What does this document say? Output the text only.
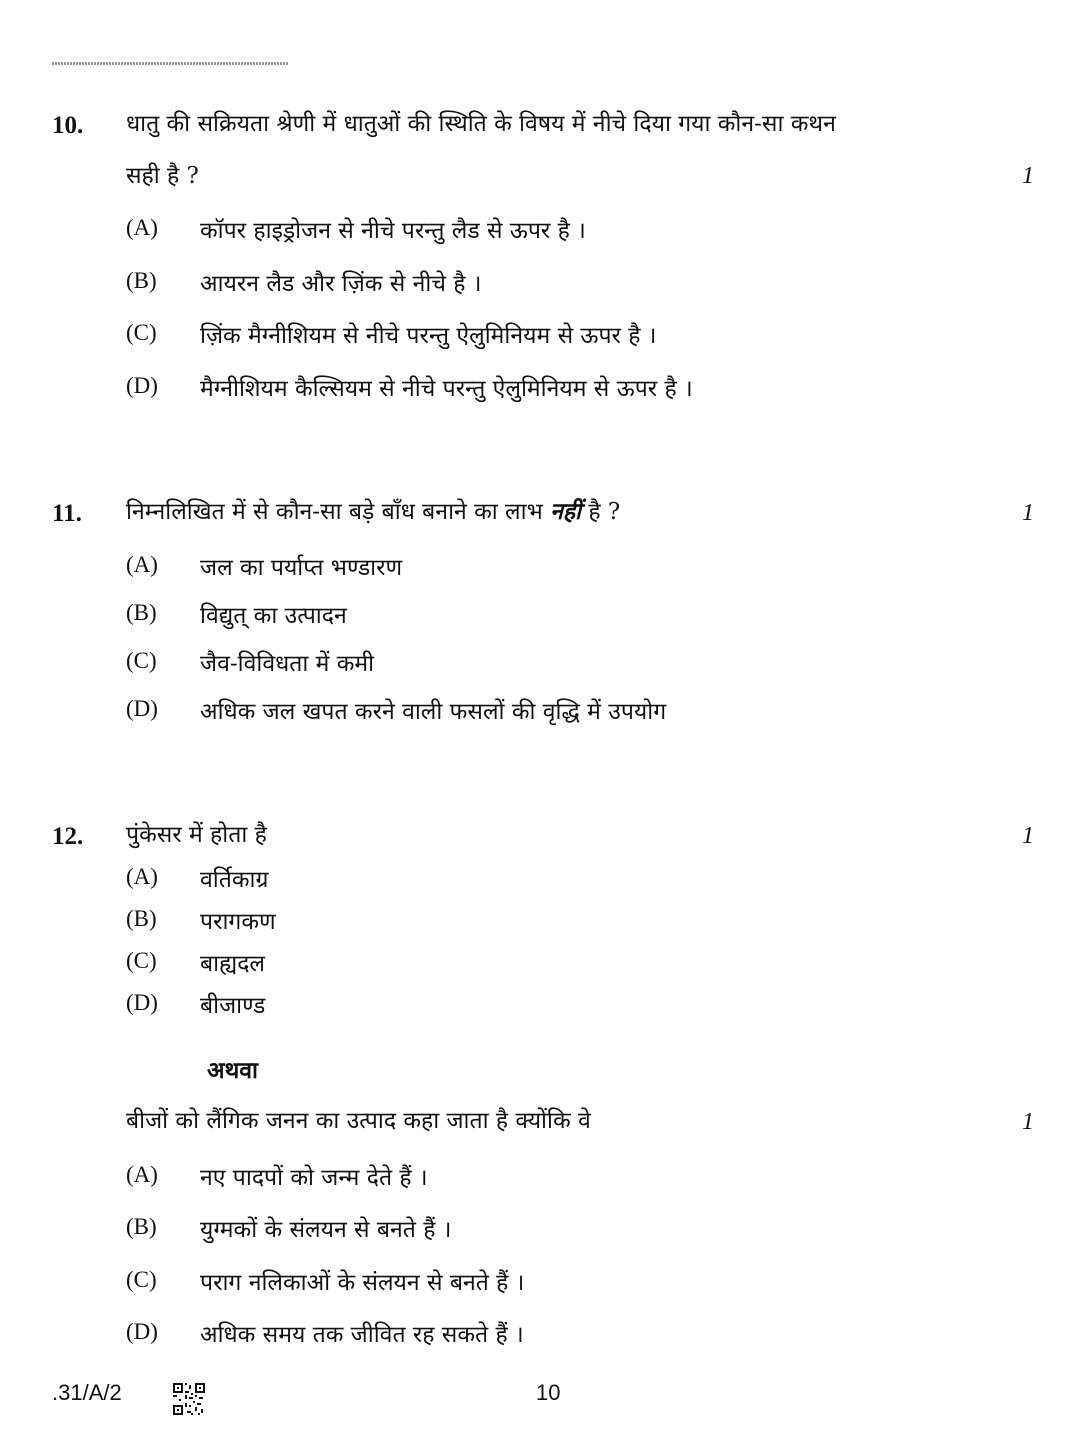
10. धातु की सक्रियता श्रेणी में धातुओं की स्थिति के विषय में नीचे दिया गया कौन-सा कथन
सही है ?	1
(A) कॉपर हाइड्रोजन से नीचे परन्तु लैड से ऊपर है ।
(B) आयरन लैड और ज़िंक से नीचे है ।
(C) ज़िंक मैग्नीशियम से नीचे परन्तु ऐलुमिनियम से ऊपर है ।
(D) मैग्नीशियम कैल्सियम से नीचे परन्तु ऐलुमिनियम से ऊपर है ।
11. निम्नलिखित में से कौन-सा बड़े बाँध बनाने का लाभ नहीं है ?	1
(A) जल का पर्याप्त भण्डारण
(B) विद्युत् का उत्पादन
(C) जैव-विविधता में कमी
(D) अधिक जल खपत करने वाली फसलों की वृद्धि में उपयोग
12. पुंकेसर में होता है	1
(A) वर्तिकाग्र
(B) परागकण
(C) बाह्यदल
(D) बीजाण्ड
अथवा
बीजों को लैंगिक जनन का उत्पाद कहा जाता है क्योंकि वे	1
(A) नए पादपों को जन्म देते हैं ।
(B) युग्मकों के संलयन से बनते हैं ।
(C) पराग नलिकाओं के संलयन से बनते हैं ।
(D) अधिक समय तक जीवित रह सकते हैं ।
.31/A/2	10
